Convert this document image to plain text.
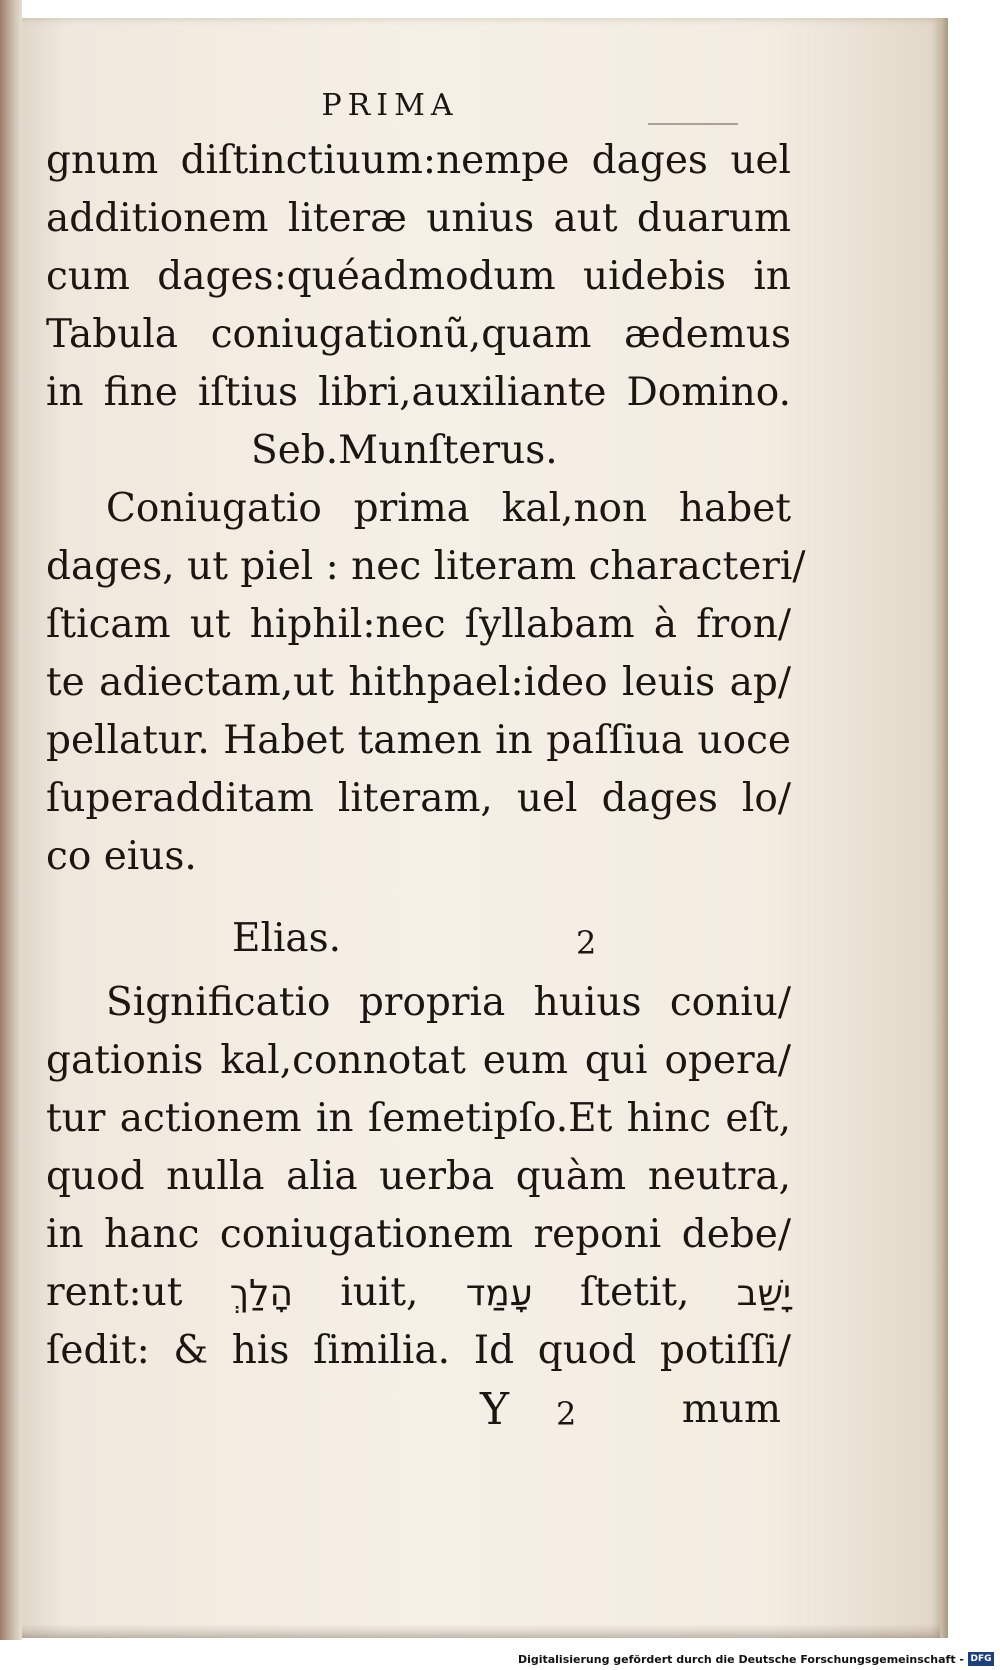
PRIMA
gnum diſtinctiuum:nempe dages uel
additionem literæ unius aut duarum
cum dages:quéadmodum uidebis in
Tabula coniugationũ,quam ædemus
in fine iſtius libri,auxiliante Domino.
Seb.Munſterus.
Coniugatio prima kal,non habet
dages, ut piel : nec literam characteri/
ſticam ut hiphil:nec ſyllabam à fron/
te adiectam,ut hithpael:ideo leuis ap/
pellatur. Habet tamen in paſſiua uoce
ſuperadditam literam, uel dages lo/
co eius.
Elias.	2
Significatio propria huius coniu/
gationis kal,connotat eum qui opera/
tur actionem in ſemetipſo.Et hinc eſt,
quod nulla alia uerba quàm neutra,
in hanc coniugationem reponi debe/
rent:ut הָלַךְ iuit, עָמַד ſtetit, יָשַׁב
ſedit: & his ſimilia. Id quod potiſſi/
Y 2	mum
Digitalisierung gefördert durch die Deutsche Forschungsgemeinschaft - DFG
